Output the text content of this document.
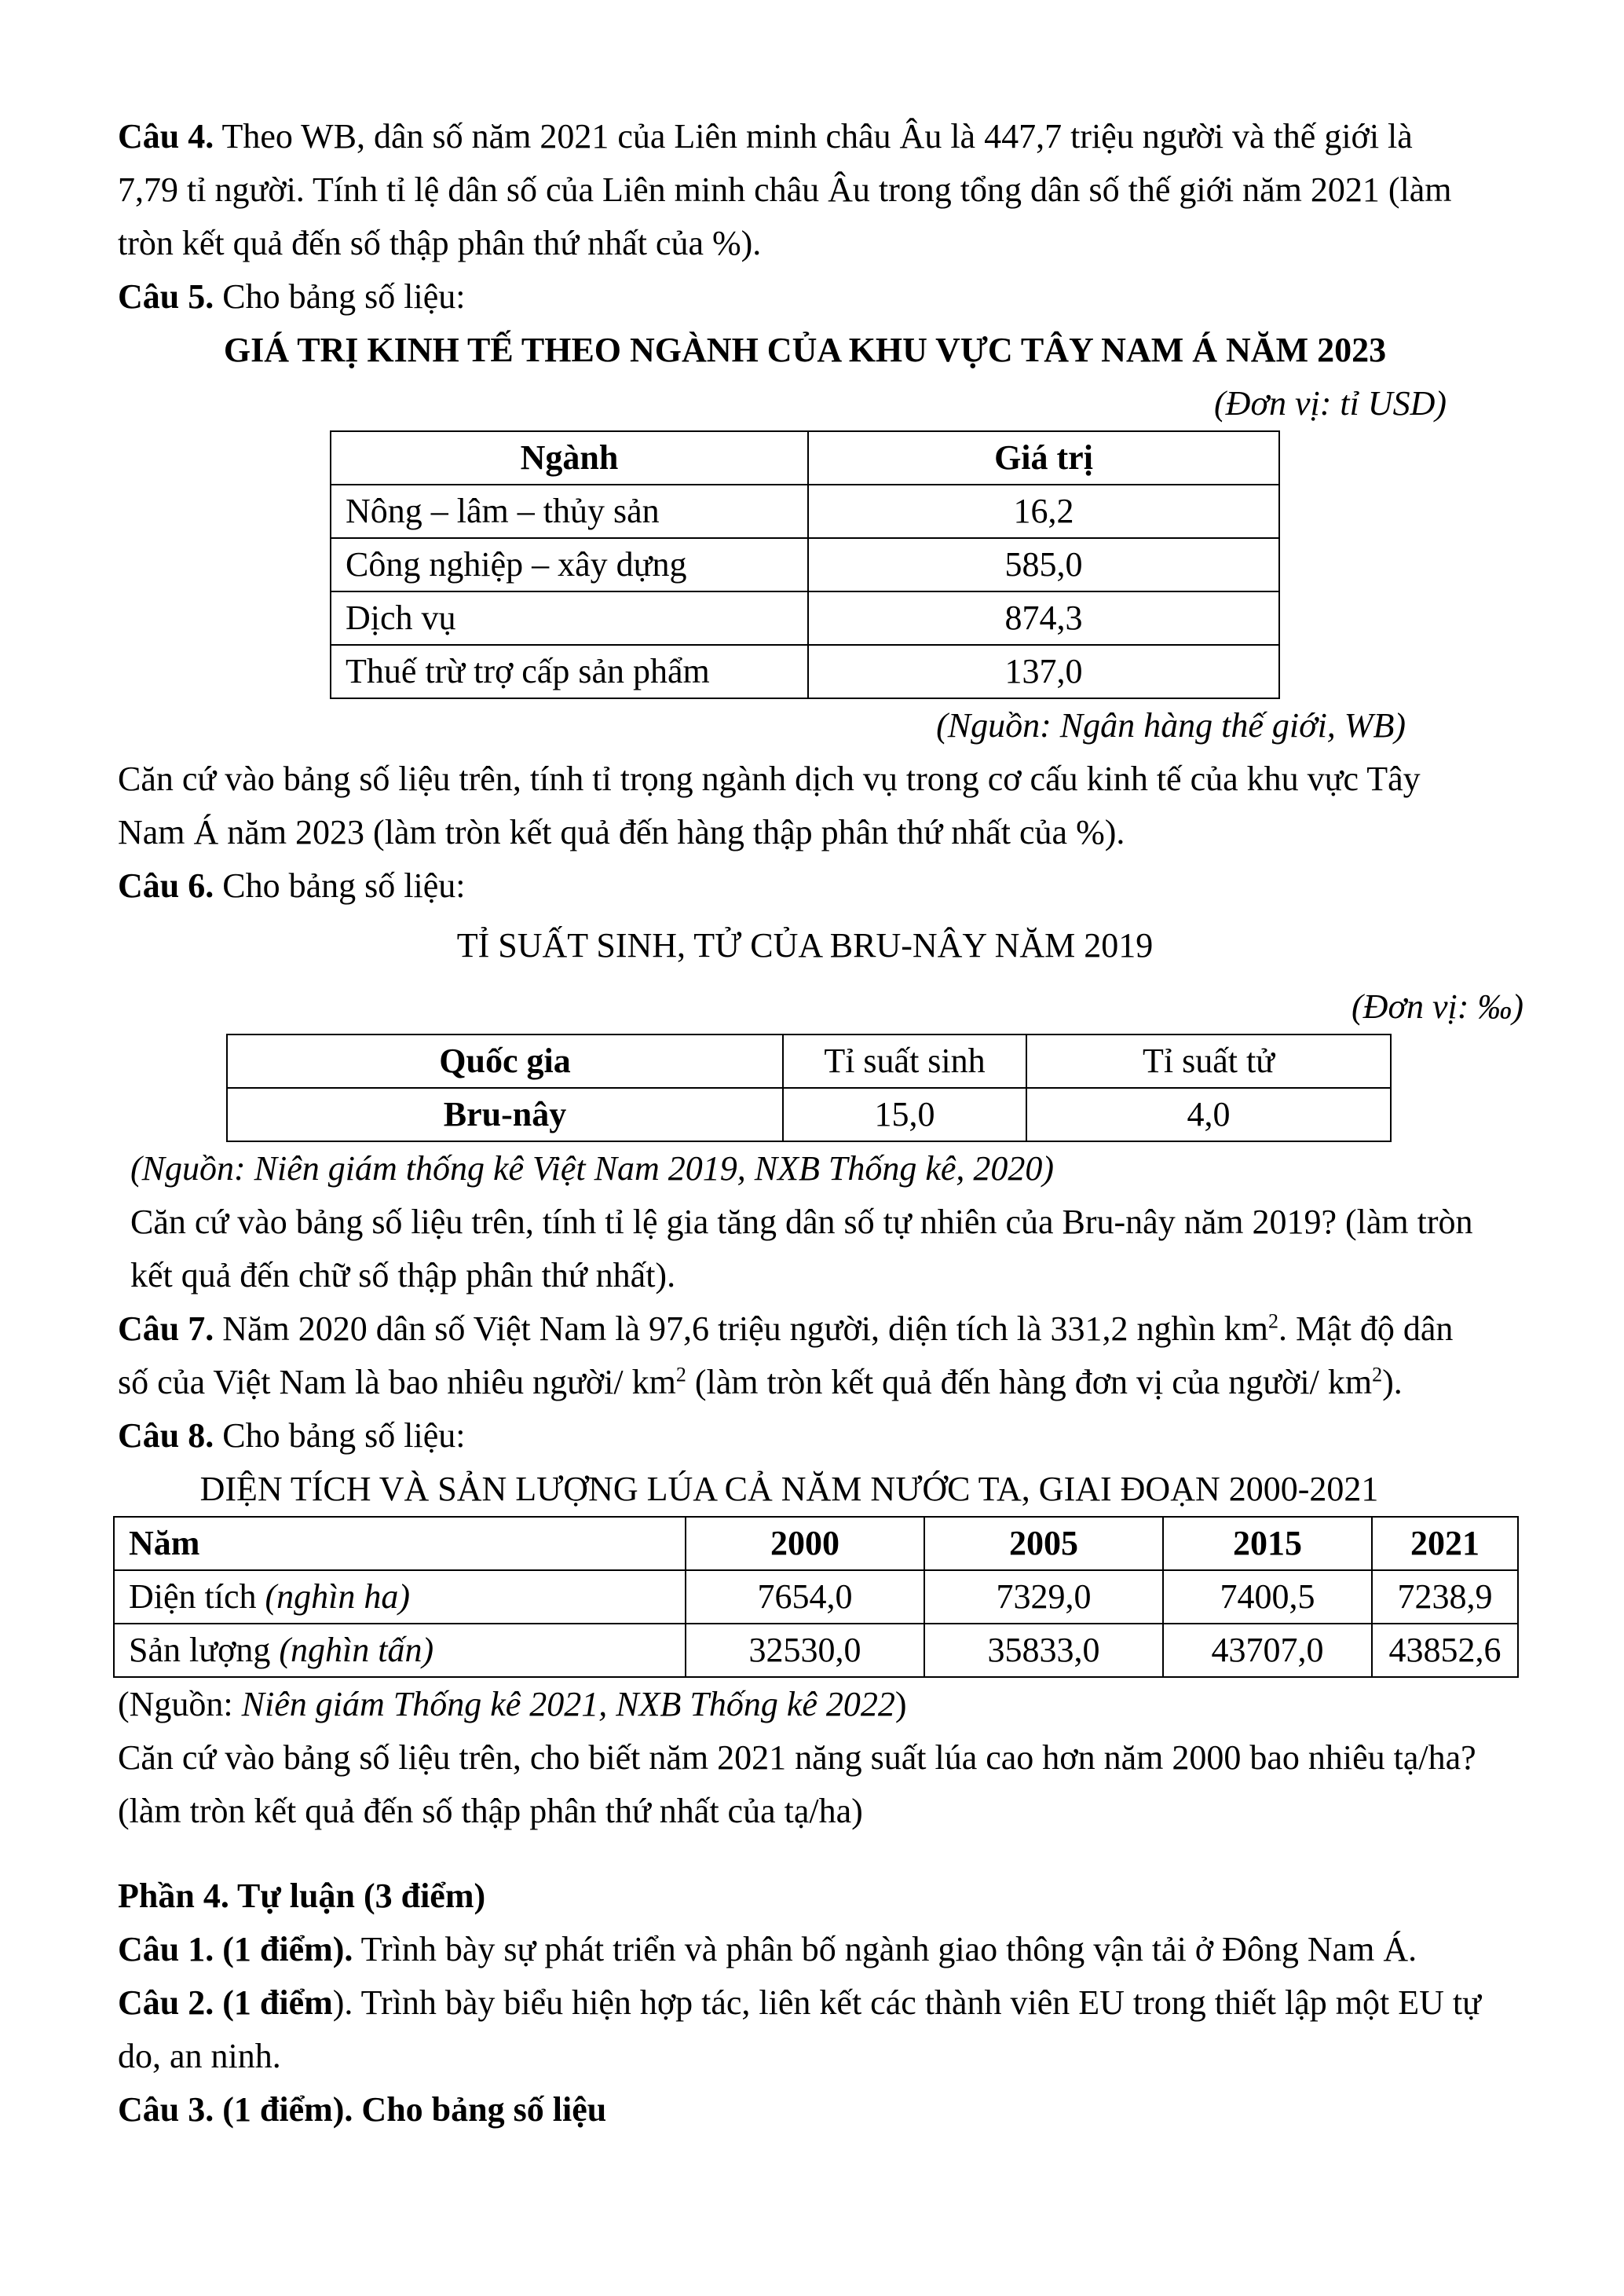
Câu 4. Theo WB, dân số năm 2021 của Liên minh châu Âu là 447,7 triệu người và thế giới là

7,79 tỉ người. Tính tỉ lệ dân số của Liên minh châu Âu trong tổng dân số thế giới năm 2021 (làm

tròn kết quả đến số thập phân thứ nhất của %).

Câu 5. Cho bảng số liệu:

GIÁ TRỊ KINH TẾ THEO NGÀNH CỦA KHU VỰC TÂY NAM Á NĂM 2023

(Đơn vị: tỉ USD)

Ngành	Giá trị
Nông – lâm – thủy sản	16,2
Công nghiệp – xây dựng	585,0
Dịch vụ	874,3
Thuế trừ trợ cấp sản phẩm	137,0

(Nguồn: Ngân hàng thế giới, WB)

Căn cứ vào bảng số liệu trên, tính tỉ trọng ngành dịch vụ trong cơ cấu kinh tế của khu vực Tây

Nam Á năm 2023 (làm tròn kết quả đến hàng thập phân thứ nhất của %).

Câu 6. Cho bảng số liệu:

TỈ SUẤT SINH, TỬ CỦA BRU-NÂY NĂM 2019

(Đơn vị: ‰)

Quốc gia	Tỉ suất sinh	Tỉ suất tử
Bru-nây	15,0	4,0

(Nguồn: Niên giám thống kê Việt Nam 2019, NXB Thống kê, 2020)

Căn cứ vào bảng số liệu trên, tính tỉ lệ gia tăng dân số tự nhiên của Bru-nây năm 2019? (làm tròn

kết quả đến chữ số thập phân thứ nhất).

Câu 7. Năm 2020 dân số Việt Nam là 97,6 triệu người, diện tích là 331,2 nghìn $km^2$. Mật độ dân

số của Việt Nam là bao nhiêu người/ $km^2$ (làm tròn kết quả đến hàng đơn vị của người/ $km^2$).

Câu 8. Cho bảng số liệu:

DIỆN TÍCH VÀ SẢN LƯỢNG LÚA CẢ NĂM NƯỚC TA, GIAI ĐOẠN 2000-2021

Năm	2000	2005	2015	2021
Diện tích (nghìn ha)	7654,0	7329,0	7400,5	7238,9
Sản lượng (nghìn tấn)	32530,0	35833,0	43707,0	43852,6

(Nguồn: Niên giám Thống kê 2021, NXB Thống kê 2022)

Căn cứ vào bảng số liệu trên, cho biết năm 2021 năng suất lúa cao hơn năm 2000 bao nhiêu tạ/ha?

(làm tròn kết quả đến số thập phân thứ nhất của tạ/ha)

Phần 4. Tự luận (3 điểm)

Câu 1. (1 điểm). Trình bày sự phát triển và phân bố ngành giao thông vận tải ở Đông Nam Á.

Câu 2. (1 điểm). Trình bày biểu hiện hợp tác, liên kết các thành viên EU trong thiết lập một EU tự

do, an ninh.

Câu 3. (1 điểm). Cho bảng số liệu
